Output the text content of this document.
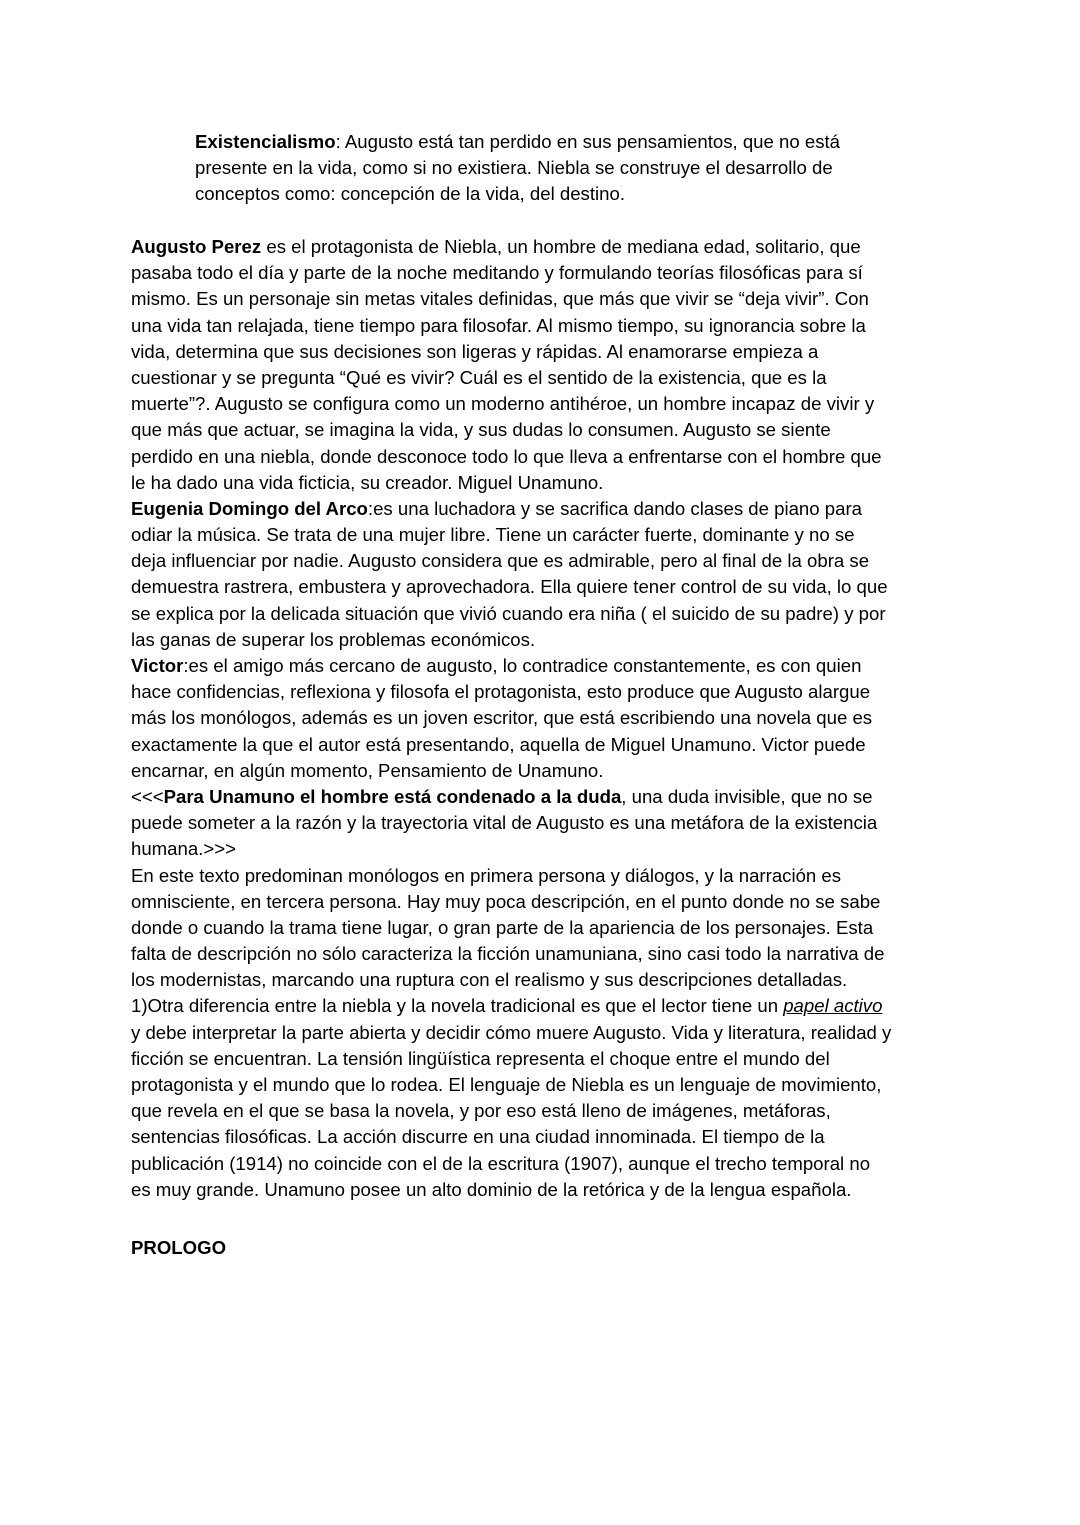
Existencialismo: Augusto está tan perdido en sus pensamientos, que no está
presente en la vida, como si no existiera. Niebla se construye el desarrollo de
conceptos como: concepción de la vida, del destino.
Augusto Perez es el protagonista de Niebla, un hombre de mediana edad, solitario, que
pasaba todo el día y parte de la noche meditando y formulando teorías filosóficas para sí
mismo. Es un personaje sin metas vitales definidas, que más que vivir se “deja vivir”. Con
una vida tan relajada, tiene tiempo para filosofar. Al mismo tiempo, su ignorancia sobre la
vida, determina que sus decisiones son ligeras y rápidas. Al enamorarse empieza a
cuestionar y se pregunta “Qué es vivir? Cuál es el sentido de la existencia, que es la
muerte”?. Augusto se configura como un moderno antihéroe, un hombre incapaz de vivir y
que más que actuar, se imagina la vida, y sus dudas lo consumen. Augusto se siente
perdido en una niebla, donde desconoce todo lo que lleva a enfrentarse con el hombre que
le ha dado una vida ficticia, su creador. Miguel Unamuno.
Eugenia Domingo del Arco:es una luchadora y se sacrifica dando clases de piano para
odiar la música. Se trata de una mujer libre. Tiene un carácter fuerte, dominante y no se
deja influenciar por nadie. Augusto considera que es admirable, pero al final de la obra se
demuestra rastrera, embustera y aprovechadora. Ella quiere tener control de su vida, lo que
se explica por la delicada situación que vivió cuando era niña ( el suicido de su padre) y por
las ganas de superar los problemas económicos.
Victor:es el amigo más cercano de augusto, lo contradice constantemente, es con quien
hace confidencias, reflexiona y filosofa el protagonista, esto produce que Augusto alargue
más los monólogos, además es un joven escritor, que está escribiendo una novela que es
exactamente la que el autor está presentando, aquella de Miguel Unamuno. Victor puede
encarnar, en algún momento, Pensamiento de Unamuno.
<<<Para Unamuno el hombre está condenado a la duda, una duda invisible, que no se
puede someter a la razón y la trayectoria vital de Augusto es una metáfora de la existencia
humana.>>>
En este texto predominan monólogos en primera persona y diálogos, y la narración es
omnisciente, en tercera persona. Hay muy poca descripción, en el punto donde no se sabe
donde o cuando la trama tiene lugar, o gran parte de la apariencia de los personajes. Esta
falta de descripción no sólo caracteriza la ficción unamuniana, sino casi todo la narrativa de
los modernistas, marcando una ruptura con el realismo y sus descripciones detalladas.
1)Otra diferencia entre la niebla y la novela tradicional es que el lector tiene un papel activo
y debe interpretar la parte abierta y decidir cómo muere Augusto. Vida y literatura, realidad y
ficción se encuentran. La tensión lingüística representa el choque entre el mundo del
protagonista y el mundo que lo rodea. El lenguaje de Niebla es un lenguaje de movimiento,
que revela en el que se basa la novela, y por eso está lleno de imágenes, metáforas,
sentencias filosóficas. La acción discurre en una ciudad innominada. El tiempo de la
publicación (1914) no coincide con el de la escritura (1907), aunque el trecho temporal no
es muy grande. Unamuno posee un alto dominio de la retórica y de la lengua española.
PROLOGO
